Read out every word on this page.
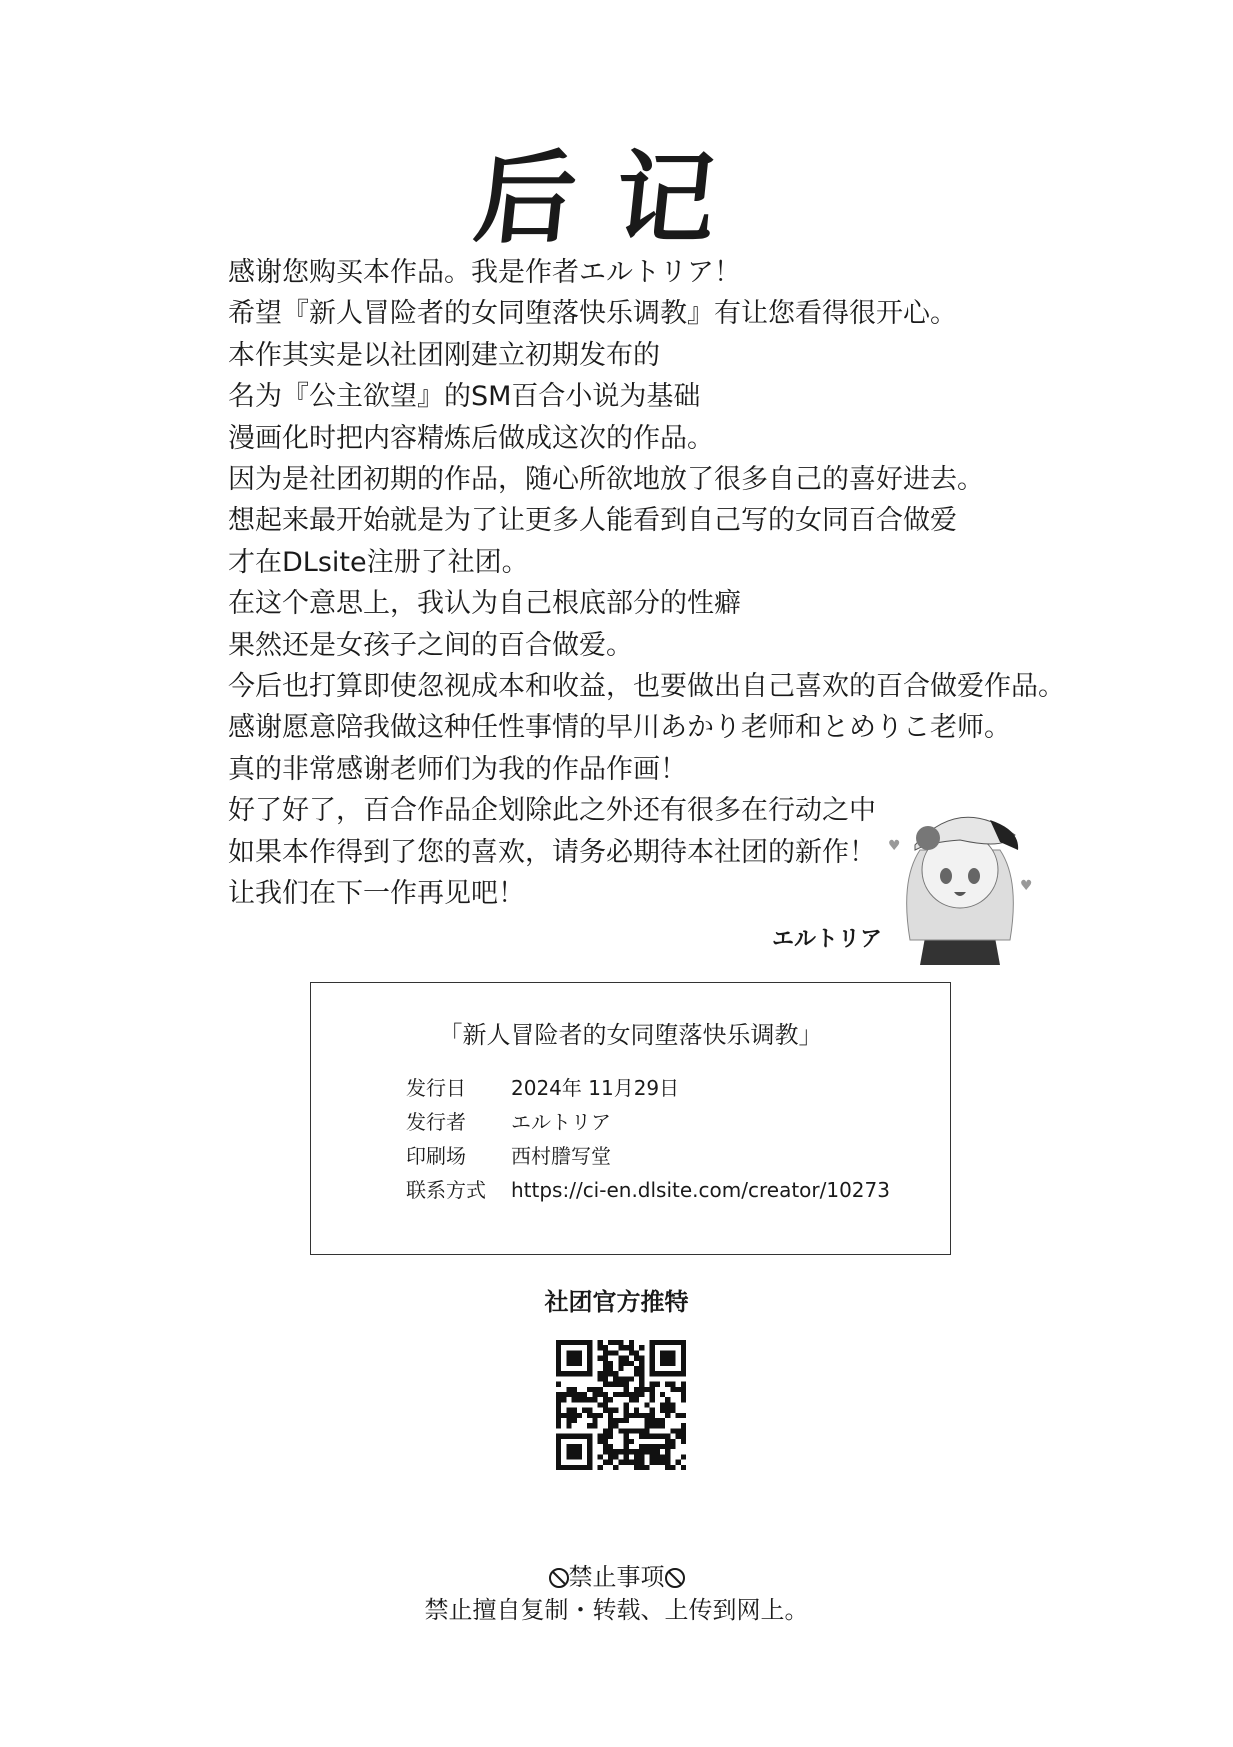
后记
感谢您购买本作品。我是作者エルトリア！
希望『新人冒险者的女同堕落快乐调教』有让您看得很开心。
本作其实是以社团刚建立初期发布的
名为『公主欲望』的SM百合小说为基础
漫画化时把内容精炼后做成这次的作品。
因为是社团初期的作品，随心所欲地放了很多自己的喜好进去。
想起来最开始就是为了让更多人能看到自己写的女同百合做爱
才在DLsite注册了社团。
在这个意思上，我认为自己根底部分的性癖
果然还是女孩子之间的百合做爱。
今后也打算即使忽视成本和收益，也要做出自己喜欢的百合做爱作品。
感谢愿意陪我做这种任性事情的早川あかり老师和とめりこ老师。
真的非常感谢老师们为我的作品作画！
好了好了，百合作品企划除此之外还有很多在行动之中
如果本作得到了您的喜欢，请务必期待本社团的新作！
让我们在下一作再见吧！
エルトリア
♥
♥
「新人冒险者的女同堕落快乐调教」
发行日	2024年 11月29日
发行者	エルトリア
印刷场	西村謄写堂
联系方式	https://ci-en.dlsite.com/creator/10273
社团官方推特
禁止事项
禁止擅自复制・转载、上传到网上。
